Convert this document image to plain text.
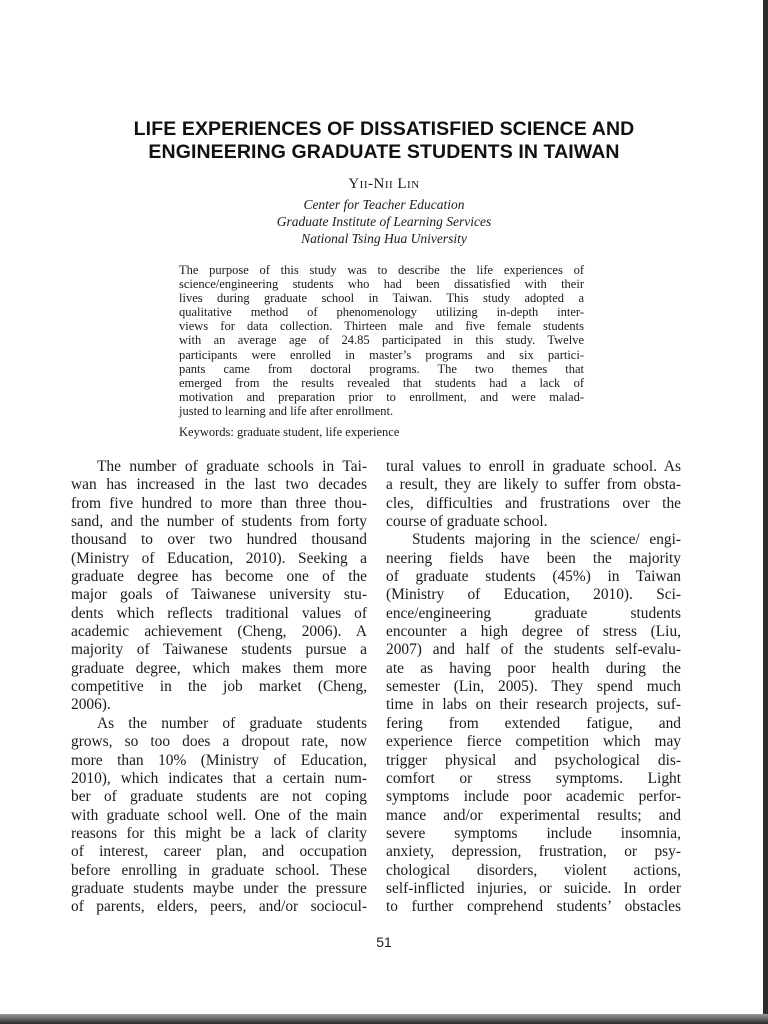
LIFE EXPERIENCES OF DISSATISFIED SCIENCE AND
ENGINEERING GRADUATE STUDENTS IN TAIWAN
Yii-Nii Lin
Center for Teacher Education
Graduate Institute of Learning Services
National Tsing Hua University
The purpose of this study was to describe the life experiences of
science/engineering students who had been dissatisfied with their
lives during graduate school in Taiwan. This study adopted a
qualitative method of phenomenology utilizing in-depth inter-
views for data collection. Thirteen male and five female students
with an average age of 24.85 participated in this study. Twelve
participants were enrolled in master’s programs and six partici-
pants came from doctoral programs. The two themes that
emerged from the results revealed that students had a lack of
motivation and preparation prior to enrollment, and were malad-
justed to learning and life after enrollment.
Keywords: graduate student, life experience
The number of graduate schools in Tai-
wan has increased in the last two decades
from five hundred to more than three thou-
sand, and the number of students from forty
thousand to over two hundred thousand
(Ministry of Education, 2010). Seeking a
graduate degree has become one of the
major goals of Taiwanese university stu-
dents which reflects traditional values of
academic achievement (Cheng, 2006). A
majority of Taiwanese students pursue a
graduate degree, which makes them more
competitive in the job market (Cheng,
2006).
As the number of graduate students
grows, so too does a dropout rate, now
more than 10% (Ministry of Education,
2010), which indicates that a certain num-
ber of graduate students are not coping
with graduate school well. One of the main
reasons for this might be a lack of clarity
of interest, career plan, and occupation
before enrolling in graduate school. These
graduate students maybe under the pressure
of parents, elders, peers, and/or sociocul-
tural values to enroll in graduate school. As
a result, they are likely to suffer from obsta-
cles, difficulties and frustrations over the
course of graduate school.
Students majoring in the science/ engi-
neering fields have been the majority
of graduate students (45%) in Taiwan
(Ministry of Education, 2010). Sci-
ence/engineering graduate students
encounter a high degree of stress (Liu,
2007) and half of the students self-evalu-
ate as having poor health during the
semester (Lin, 2005). They spend much
time in labs on their research projects, suf-
fering from extended fatigue, and
experience fierce competition which may
trigger physical and psychological dis-
comfort or stress symptoms. Light
symptoms include poor academic perfor-
mance and/or experimental results; and
severe symptoms include insomnia,
anxiety, depression, frustration, or psy-
chological disorders, violent actions,
self-inflicted injuries, or suicide. In order
to further comprehend students’ obstacles
51
